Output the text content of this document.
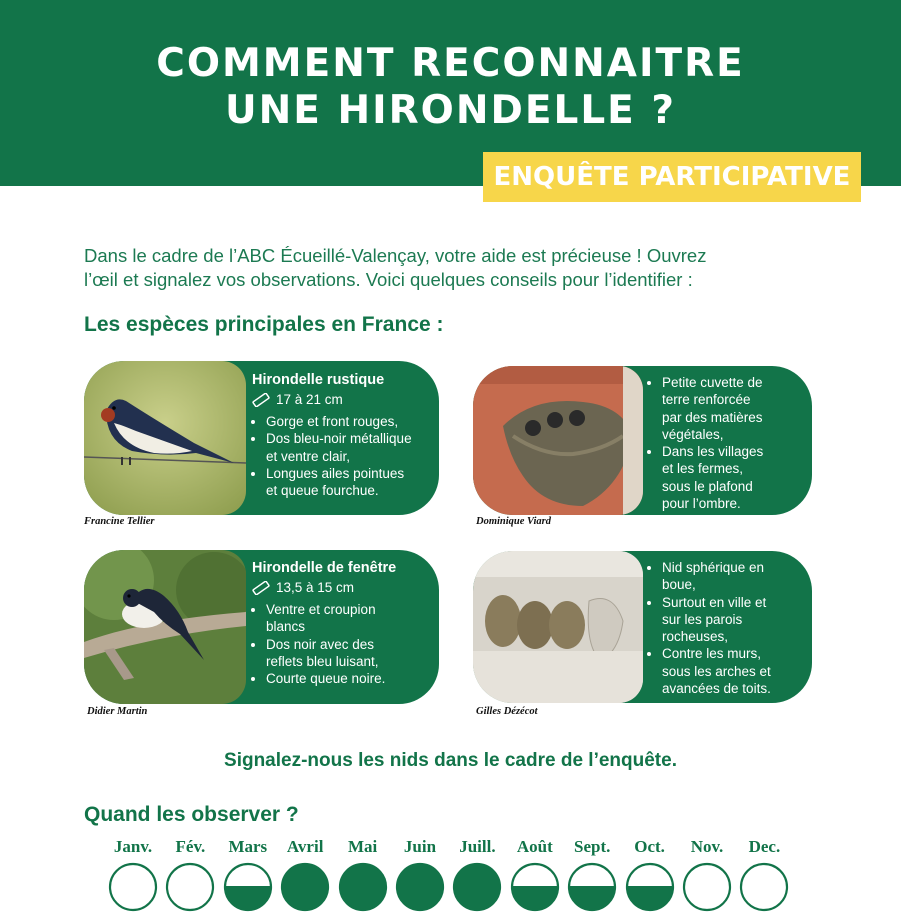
COMMENT RECONNAITRE
UNE HIRONDELLE ?
ENQUÊTE PARTICIPATIVE

Dans le cadre de l’ABC Écueillé-Valençay, votre aide est précieuse ! Ouvrez
l’œil et signalez vos observations. Voici quelques conseils pour l’identifier :

Les espèces principales en France :
Hirondelle rustique
17 à 21 cm
• Gorge et front rouges,
• Dos bleu-noir métallique
et ventre clair,
• Longues ailes pointues
et queue fourchue.
Francine Tellier
• Petite cuvette de
terre renforcée
par des matières
végétales,
• Dans les villages
et les fermes,
sous le plafond
pour l’ombre.
Dominique Viard
Hirondelle de fenêtre
13,5 à 15 cm
• Ventre et croupion
blancs
• Dos noir avec des
reflets bleu luisant,
• Courte queue noire.
Didier Martin
• Nid sphérique en
boue,
• Surtout en ville et
sur les parois
rocheuses,
• Contre les murs,
sous les arches et
avancées de toits.
Gilles Dézécot

Signalez-nous les nids dans le cadre de l’enquête.

Quand les observer ?
Janv.	Fév.	Mars	Avril	Mai	Juin	Juill.	Août	Sept.	Oct.	Nov.	Dec.
